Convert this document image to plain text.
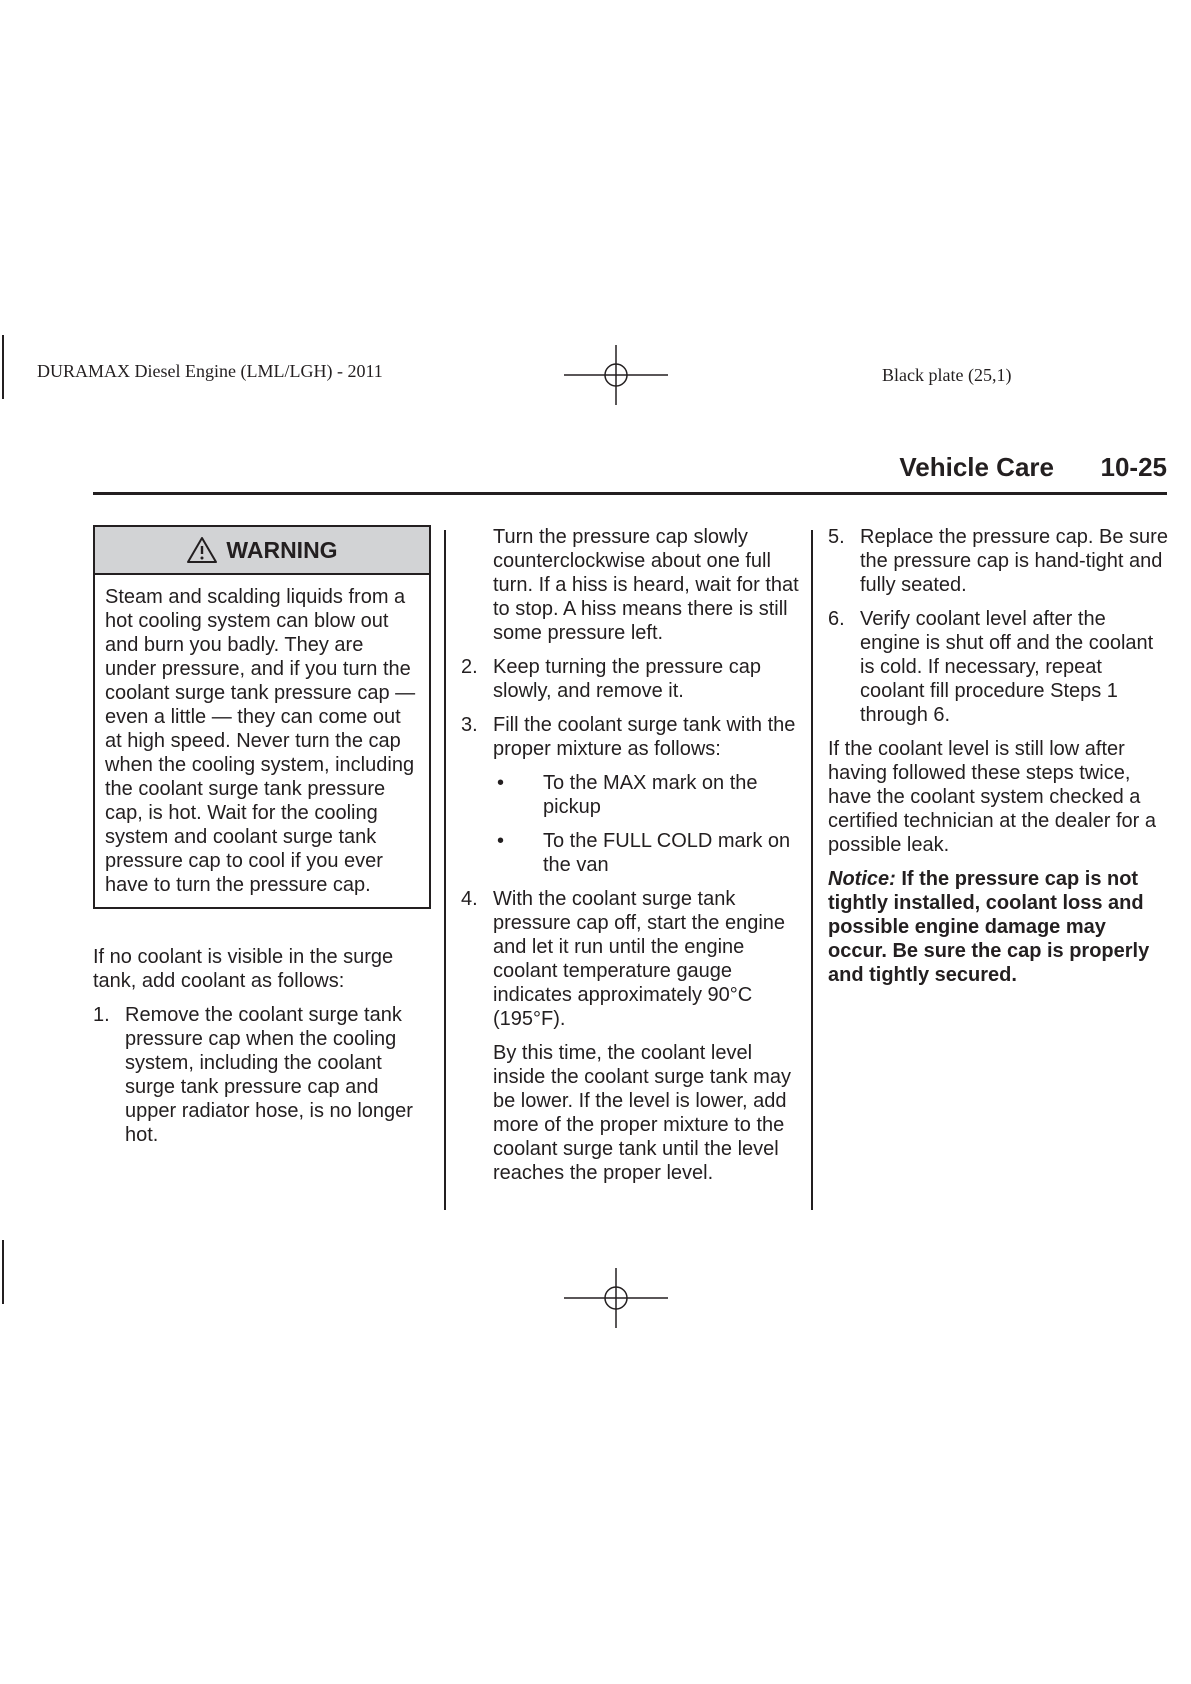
DURAMAX Diesel Engine (LML/LGH) - 2011	Black plate (25,1)
Vehicle Care 10-25
WARNING

Steam and scalding liquids from a hot cooling system can blow out and burn you badly. They are under pressure, and if you turn the coolant surge tank pressure cap — even a little — they can come out at high speed. Never turn the cap when the cooling system, including the coolant surge tank pressure cap, is hot. Wait for the cooling system and coolant surge tank pressure cap to cool if you ever have to turn the pressure cap.

If no coolant is visible in the surge tank, add coolant as follows:

1. Remove the coolant surge tank pressure cap when the cooling system, including the coolant surge tank pressure cap and upper radiator hose, is no longer hot.
Turn the pressure cap slowly counterclockwise about one full turn. If a hiss is heard, wait for that to stop. A hiss means there is still some pressure left.
2. Keep turning the pressure cap slowly, and remove it.
3. Fill the coolant surge tank with the proper mixture as follows:
•	To the MAX mark on the pickup
•	To the FULL COLD mark on the van
4. With the coolant surge tank pressure cap off, start the engine and let it run until the engine coolant temperature gauge indicates approximately 90°C (195°F).

By this time, the coolant level inside the coolant surge tank may be lower. If the level is lower, add more of the proper mixture to the coolant surge tank until the level reaches the proper level.

5. Replace the pressure cap. Be sure the pressure cap is hand-tight and fully seated.
6. Verify coolant level after the engine is shut off and the coolant is cold. If necessary, repeat coolant fill procedure Steps 1 through 6.

If the coolant level is still low after having followed these steps twice, have the coolant system checked a certified technician at the dealer for a possible leak.

Notice: If the pressure cap is not tightly installed, coolant loss and possible engine damage may occur. Be sure the cap is properly and tightly secured.
